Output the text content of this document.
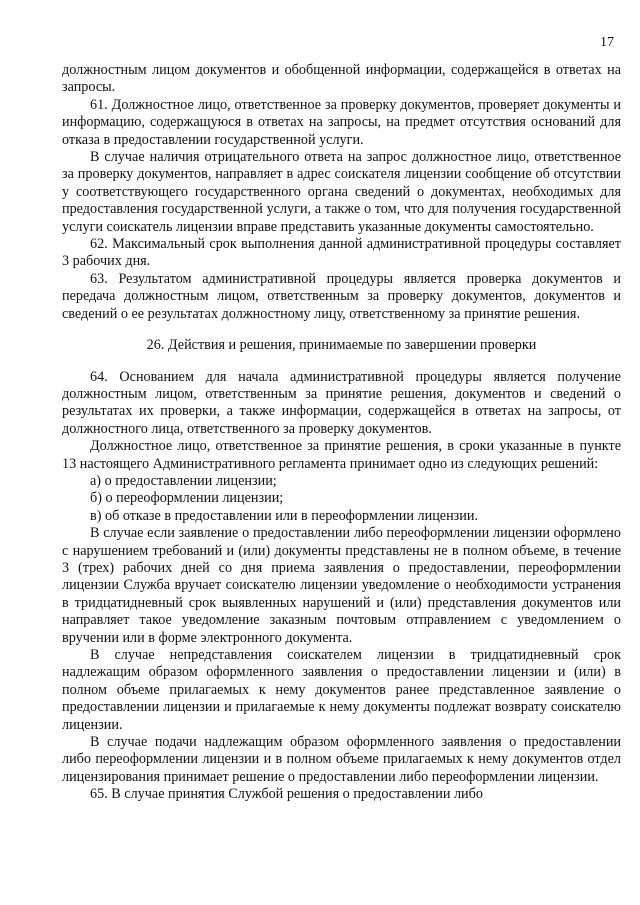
17

должностным лицом документов и обобщенной информации, содержащейся в ответах на запросы.

61. Должностное лицо, ответственное за проверку документов, проверяет документы и информацию, содержащуюся в ответах на запросы, на предмет отсутствия оснований для отказа в предоставлении государственной услуги.

В случае наличия отрицательного ответа на запрос должностное лицо, ответственное за проверку документов, направляет в адрес соискателя лицензии сообщение об отсутствии у соответствующего государственного органа сведений о документах, необходимых для предоставления государственной услуги, а также о том, что для получения государственной услуги соискатель лицензии вправе представить указанные документы самостоятельно.

62. Максимальный срок выполнения данной административной процедуры составляет 3 рабочих дня.

63. Результатом административной процедуры является проверка документов и передача должностным лицом, ответственным за проверку документов, документов и сведений о ее результатах должностному лицу, ответственному за принятие решения.

26. Действия и решения, принимаемые по завершении проверки

64. Основанием для начала административной процедуры является получение должностным лицом, ответственным за принятие решения, документов и сведений о результатах их проверки, а также информации, содержащейся в ответах на запросы, от должностного лица, ответственного за проверку документов.

Должностное лицо, ответственное за принятие решения, в сроки указанные в пункте 13 настоящего Административного регламента принимает одно из следующих решений:

а) о предоставлении лицензии;

б) о переоформлении лицензии;

в) об отказе в предоставлении или в переоформлении лицензии.

В случае если заявление о предоставлении либо переоформлении лицензии оформлено с нарушением требований и (или) документы представлены не в полном объеме, в течение 3 (трех) рабочих дней со дня приема заявления о предоставлении, переоформлении лицензии Служба вручает соискателю лицензии уведомление о необходимости устранения в тридцатидневный срок выявленных нарушений и (или) представления документов или направляет такое уведомление заказным почтовым отправлением с уведомлением о вручении или в форме электронного документа.

В случае непредставления соискателем лицензии в тридцатидневный срок надлежащим образом оформленного заявления о предоставлении лицензии и (или) в полном объеме прилагаемых к нему документов ранее представленное заявление о предоставлении лицензии и прилагаемые к нему документы подлежат возврату соискателю лицензии.

В случае подачи надлежащим образом оформленного заявления о предоставлении либо переоформлении лицензии и в полном объеме прилагаемых к нему документов отдел лицензирования принимает решение о предоставлении либо переоформлении лицензии.

65. В случае принятия Службой решения о предоставлении либо
